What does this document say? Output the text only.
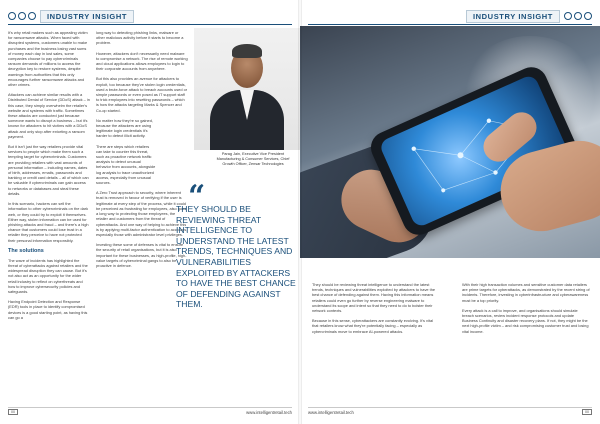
INDUSTRY INSIGHT

It's why retail makers such as appealing victim for ransomware attacks. When faced with disrupted systems, customers unable to make purchases and the business losing vast sums of money each day in lost sales, some companies choose to pay cybercriminals ransom demands of millions to access the decryption key to restore systems, despite warnings from authorities that this only encourages further ransomware attacks and other crimes.

Attackers can achieve similar results with a Distributed Denial of Service (DDoS) attack – in this case, they simply overwhelm the retailer's website and systems with traffic. Sometimes these attacks are conducted just because someone wants to disrupt a business – but it's known for attackers to hit victims with a DDoS attack and only stop after extorting a ransom payment.

But it isn't just the way retailers provide vital services to people which make them such a tempting target for cybercriminals. Customers are providing retailers with vast amounts of personal information – including names, dates of birth, addresses, emails, passwords and banking or credit card details – all of which can be valuable if cybercriminals can gain access to networks or databases and steal these details.

In this scenario, hackers can sell the information to other cybercriminals on the dark web, or they could try to exploit it themselves. Either way, stolen information can be used for phishing attacks and fraud – and there's a high chance that customers could lose trust in a retailer they perceive to have not protected their personal information responsibly.

The solutions

The wave of incidents has highlighted the threat of cyberattacks against retailers and the widespread disruption they can cause. But it's not also act as an opportunity for the wider retail industry to reflect on cyberthreats and how to improve cybersecurity policies and safeguards.

Having Endpoint Detection and Response (EDR) tools in place to identify compromised devices is a good starting point, as having this can go a

long way to detecting phishing links, malware or other malicious activity before it starts to become a problem.

However, attackers don't necessarily need malware to compromise a network. The rise of remote working and cloud applications allows employees to login to their corporate accounts from anywhere.

But this also provides an avenue for attackers to exploit, too because they've stolen login credentials, used a brute-force attack to breach accounts used or simple passwords or even posed as IT support staff to trick employees into resetting passwords – which is how the attacks targeting Marks & Spencer and Co-op started.

No matter how they're so gained, because the attackers are using legitimate login credentials it's harder to detect illicit activity.

There are steps which retailers can take to counter this threat, such as proactive network traffic analysis to detect unusual behavior from accounts, alongside log analysis to trace unauthorized access, especially from unusual sources.

A Zero Trust approach to security, where inherent trust is removed in favour of verifying if the user is legitimate at every step of the process, while it could be perceived as frustrating for employees, also goes a long way to protecting those employees, the retailer and customers from the threat of cyberattacks. And one way of helping to achieve this is by applying multi-factor authentication to accounts, especially those with administrator level privileges.

Investing these some of defenses is vital to ensure the security of retail organisations, but it is also important for these businesses, as high-profile, high-value targets of cybercriminal gangs to also be proactive in defence.

Parag Jain, Executive Vice President Manufacturing & Consumer Services, Chief Growth Officer, Zensar Technologies
“
THEY SHOULD BE REVIEWING THREAT INTELLIGENCE TO UNDERSTAND THE LATEST TRENDS, TECHNIQUES AND VULNERABILITIES EXPLOITED BY ATTACKERS TO HAVE THE BEST CHANCE OF DEFENDING AGAINST THEM.
00	www.intelligentretail.tech
INDUSTRY INSIGHT

They should be reviewing threat intelligence to understand the latest trends, techniques and vulnerabilities exploited by attackers to have the best chance of defending against them. Having this information means retailers could even go further by reverse engineering malware to understand its scope and intent so that they need to do to bolster their network contexts.

Because in this sense, cyberattackers are constantly evolving. It's vital that retailers know what they're potentially facing – especially as cybercriminals move to embrace AI-powered attacks.

With their high transaction volumes and sensitive customer data retailers are prime targets for cyberattacks, as demonstrated by the recent string of incidents. Therefore, investing in cyberinfrastructure and cyberawareness must be a top priority.

Every attack is a call to improve, and organisations should simulate breach scenarios, review incident response protocols and update Business Continuity and disaster recovery plans. If not, they might be the next high-profile victim – and risk compromising customer trust and losing vital income.

www.intelligentretail.tech	00
